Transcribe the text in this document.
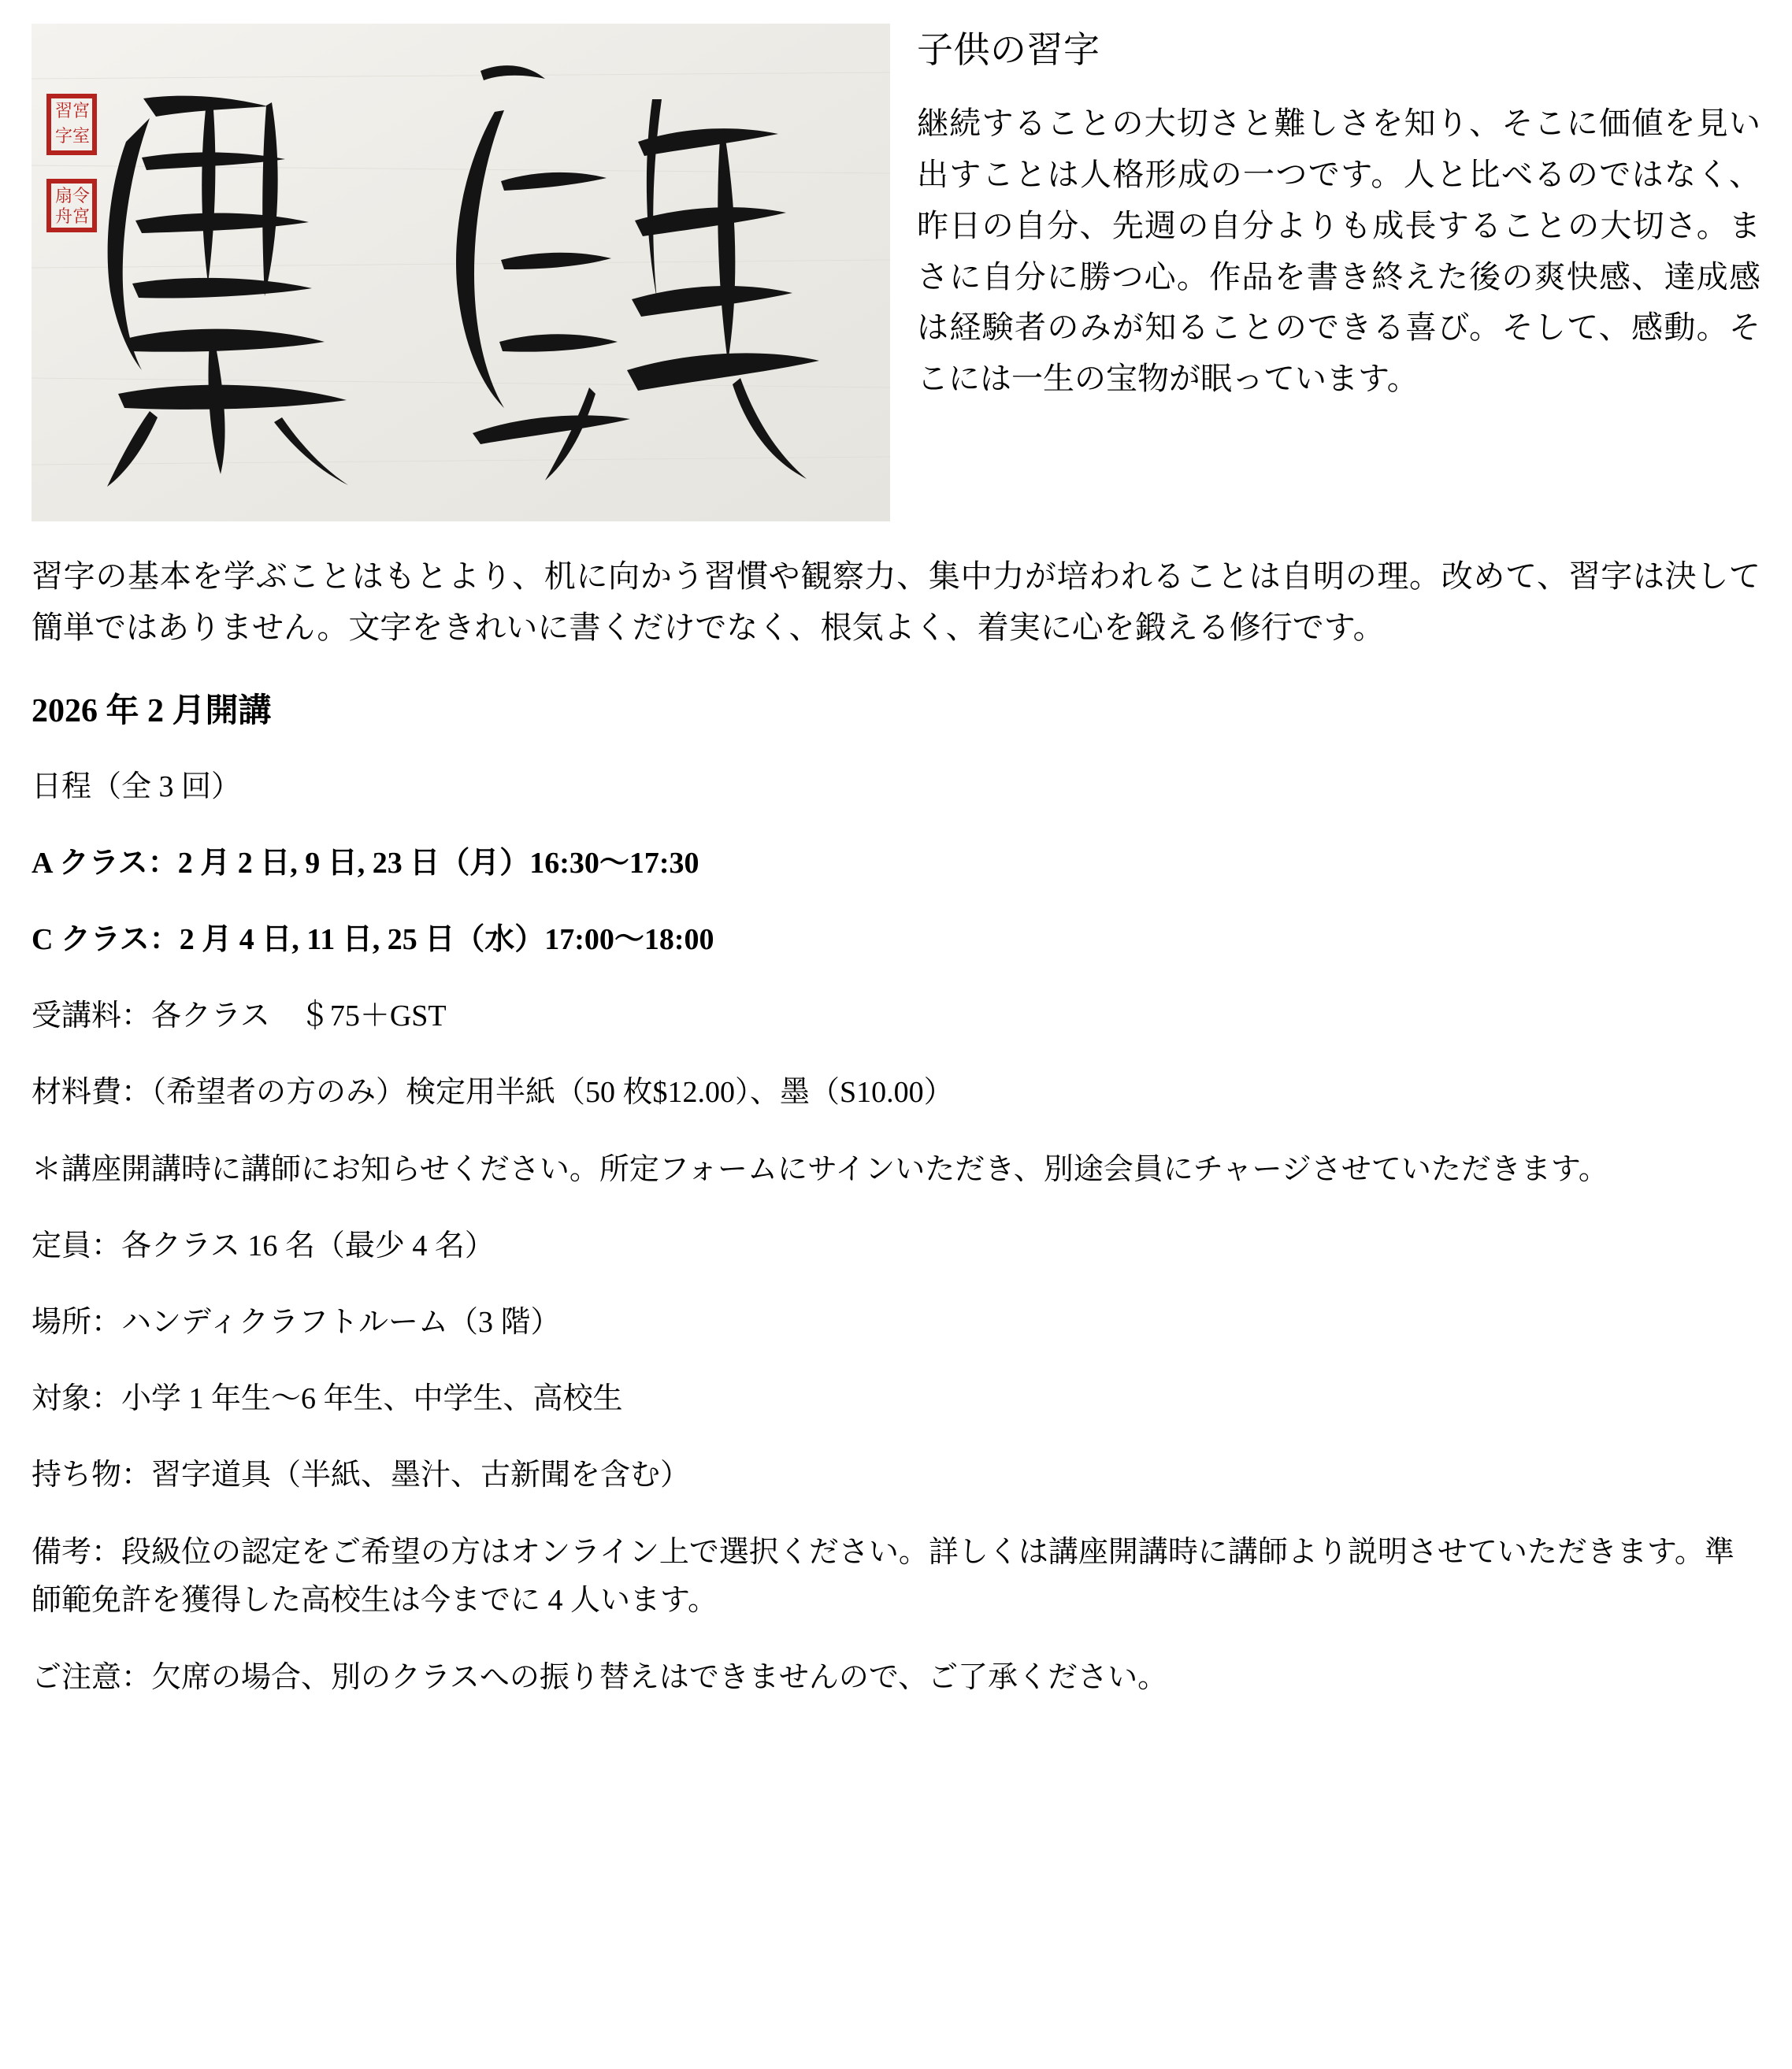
習宮
字室
扇令
舟宮
子供の習字

継続することの大切さと難しさを知り、そこに価値を見い出すことは人格形成の一つです。人と比べるのではなく、昨日の自分、先週の自分よりも成長することの大切さ。まさに自分に勝つ心。作品を書き終えた後の爽快感、達成感は経験者のみが知ることのできる喜び。そして、感動。そこには一生の宝物が眠っています。

習字の基本を学ぶことはもとより、机に向かう習慣や観察力、集中力が培われることは自明の理。改めて、習字は決して簡単ではありません。文字をきれいに書くだけでなく、根気よく、着実に心を鍛える修行です。

2026 年 2 月開講

日程（全 3 回）

A クラス：2 月 2 日, 9 日, 23 日（月）16:30〜17:30

C クラス：2 月 4 日, 11 日, 25 日（水）17:00〜18:00

受講料：各クラス　＄75＋GST

材料費：（希望者の方のみ）検定用半紙（50 枚$12.00）、墨（S10.00）

＊講座開講時に講師にお知らせください。所定フォームにサインいただき、別途会員にチャージさせていただきます。

定員：各クラス 16 名（最少 4 名）

場所：ハンディクラフトルーム（3 階）

対象：小学 1 年生〜6 年生、中学生、高校生

持ち物：習字道具（半紙、墨汁、古新聞を含む）

備考：段級位の認定をご希望の方はオンライン上で選択ください。詳しくは講座開講時に講師より説明させていただきます。準師範免許を獲得した高校生は今までに 4 人います。

ご注意：欠席の場合、別のクラスへの振り替えはできませんので、ご了承ください。
